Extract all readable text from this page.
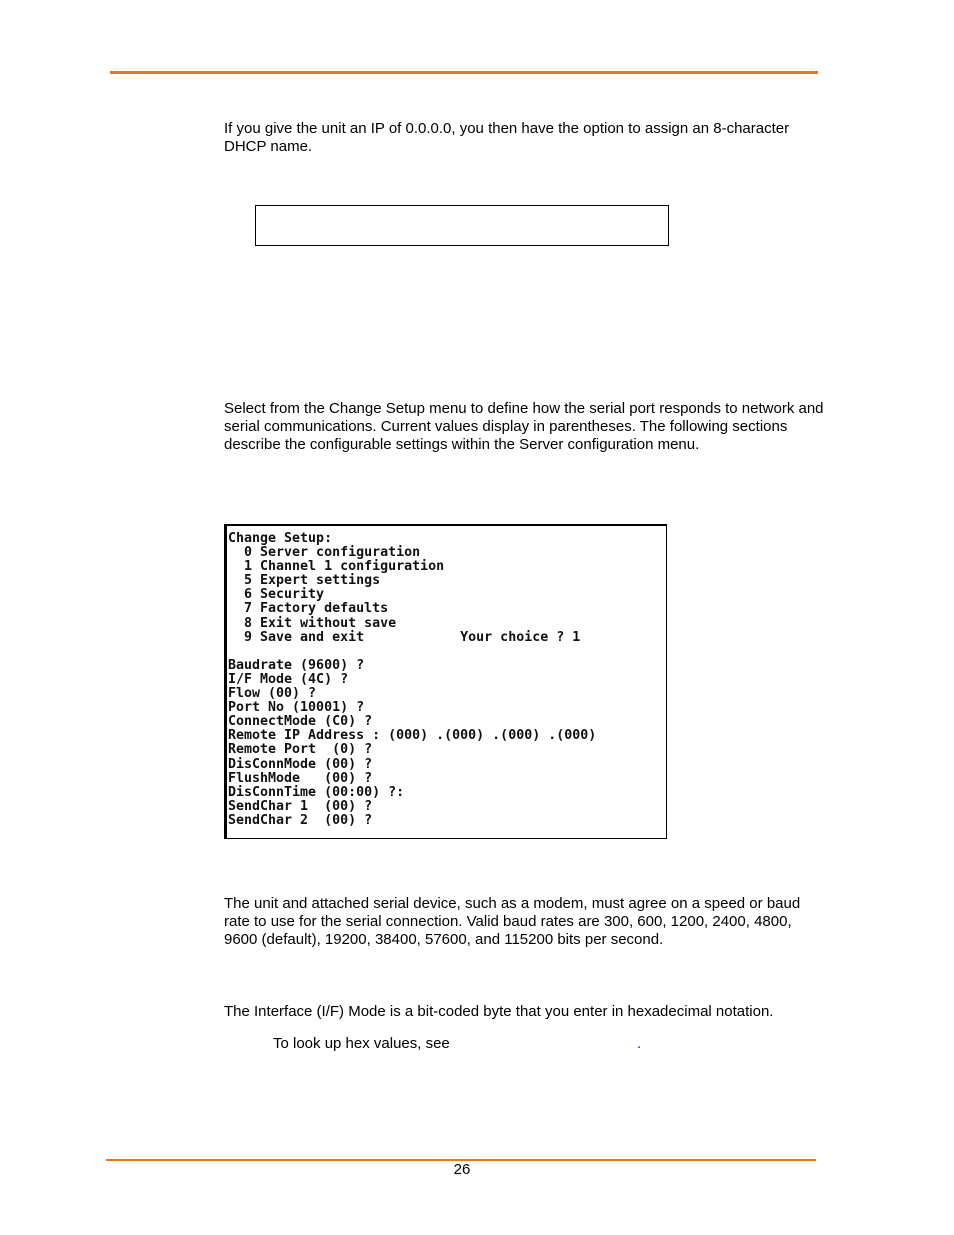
If you give the unit an IP of 0.0.0.0, you then have the option to assign an 8-character DHCP name.

Select from the Change Setup menu to define how the serial port responds to network and serial communications. Current values display in parentheses. The following sections describe the configurable settings within the Server configuration menu.

Change Setup:
0 Server configuration
1 Channel 1 configuration
5 Expert settings
6 Security
7 Factory defaults
8 Exit without save
9 Save and exit            Your choice ? 1

Baudrate (9600) ?
I/F Mode (4C) ?
Flow (00) ?
Port No (10001) ?
ConnectMode (C0) ?
Remote IP Address : (000) .(000) .(000) .(000)
Remote Port  (0) ?
DisConnMode (00) ?
FlushMode   (00) ?
DisConnTime (00:00) ?:
SendChar 1  (00) ?
SendChar 2  (00) ?

The unit and attached serial device, such as a modem, must agree on a speed or baud rate to use for the serial connection. Valid baud rates are 300, 600, 1200, 2400, 4800, 9600 (default), 19200, 38400, 57600, and 115200 bits per second.

The Interface (I/F) Mode is a bit-coded byte that you enter in hexadecimal notation.

To look up hex values, see	.

26
